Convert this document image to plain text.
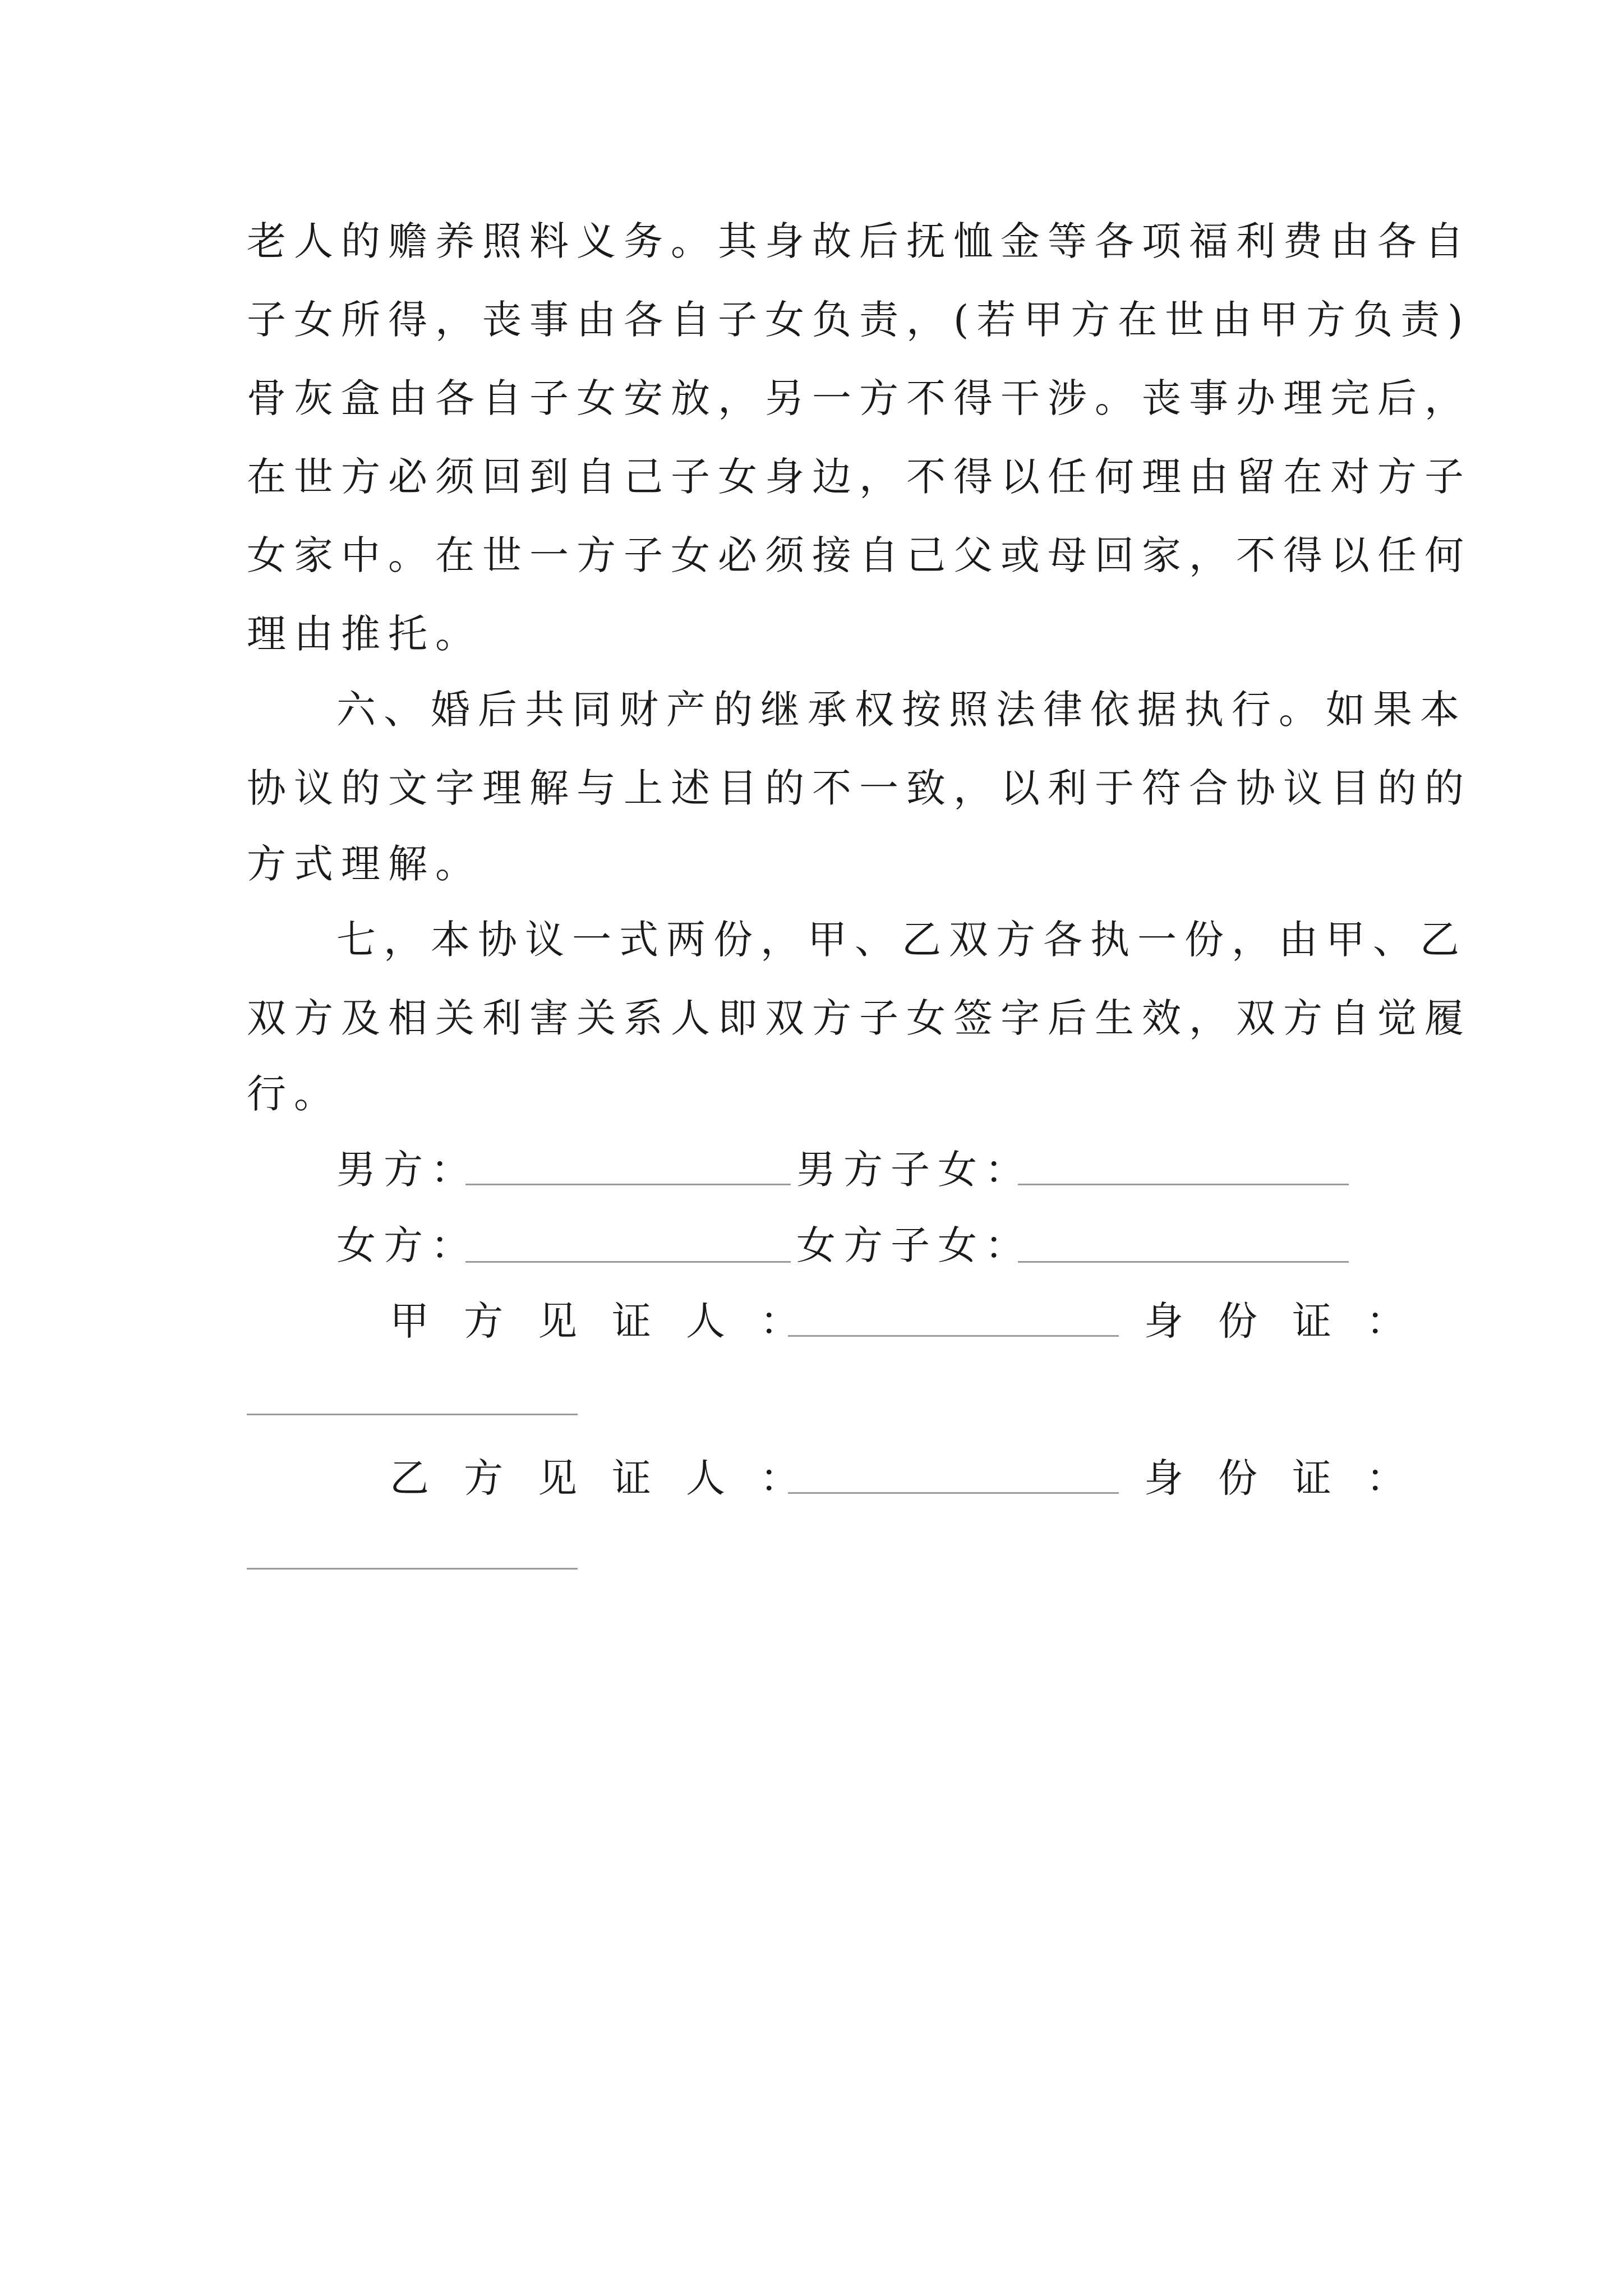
老人的赡养照料义务。其身故后抚恤金等各项福利费由各自
子女所得，丧事由各自子女负责，(若甲方在世由甲方负责)
骨灰盒由各自子女安放，另一方不得干涉。丧事办理完后，
在世方必须回到自己子女身边，不得以任何理由留在对方子
女家中。在世一方子女必须接自己父或母回家，不得以任何
理由推托。
六、婚后共同财产的继承权按照法律依据执行。如果本
协议的文字理解与上述目的不一致，以利于符合协议目的的
方式理解。
七，本协议一式两份，甲、乙双方各执一份，由甲、乙
双方及相关利害关系人即双方子女签字后生效，双方自觉履
行。
男方：	男方子女：
女方：	女方子女：
甲方见证人：	身份证：
乙方见证人：	身份证：
